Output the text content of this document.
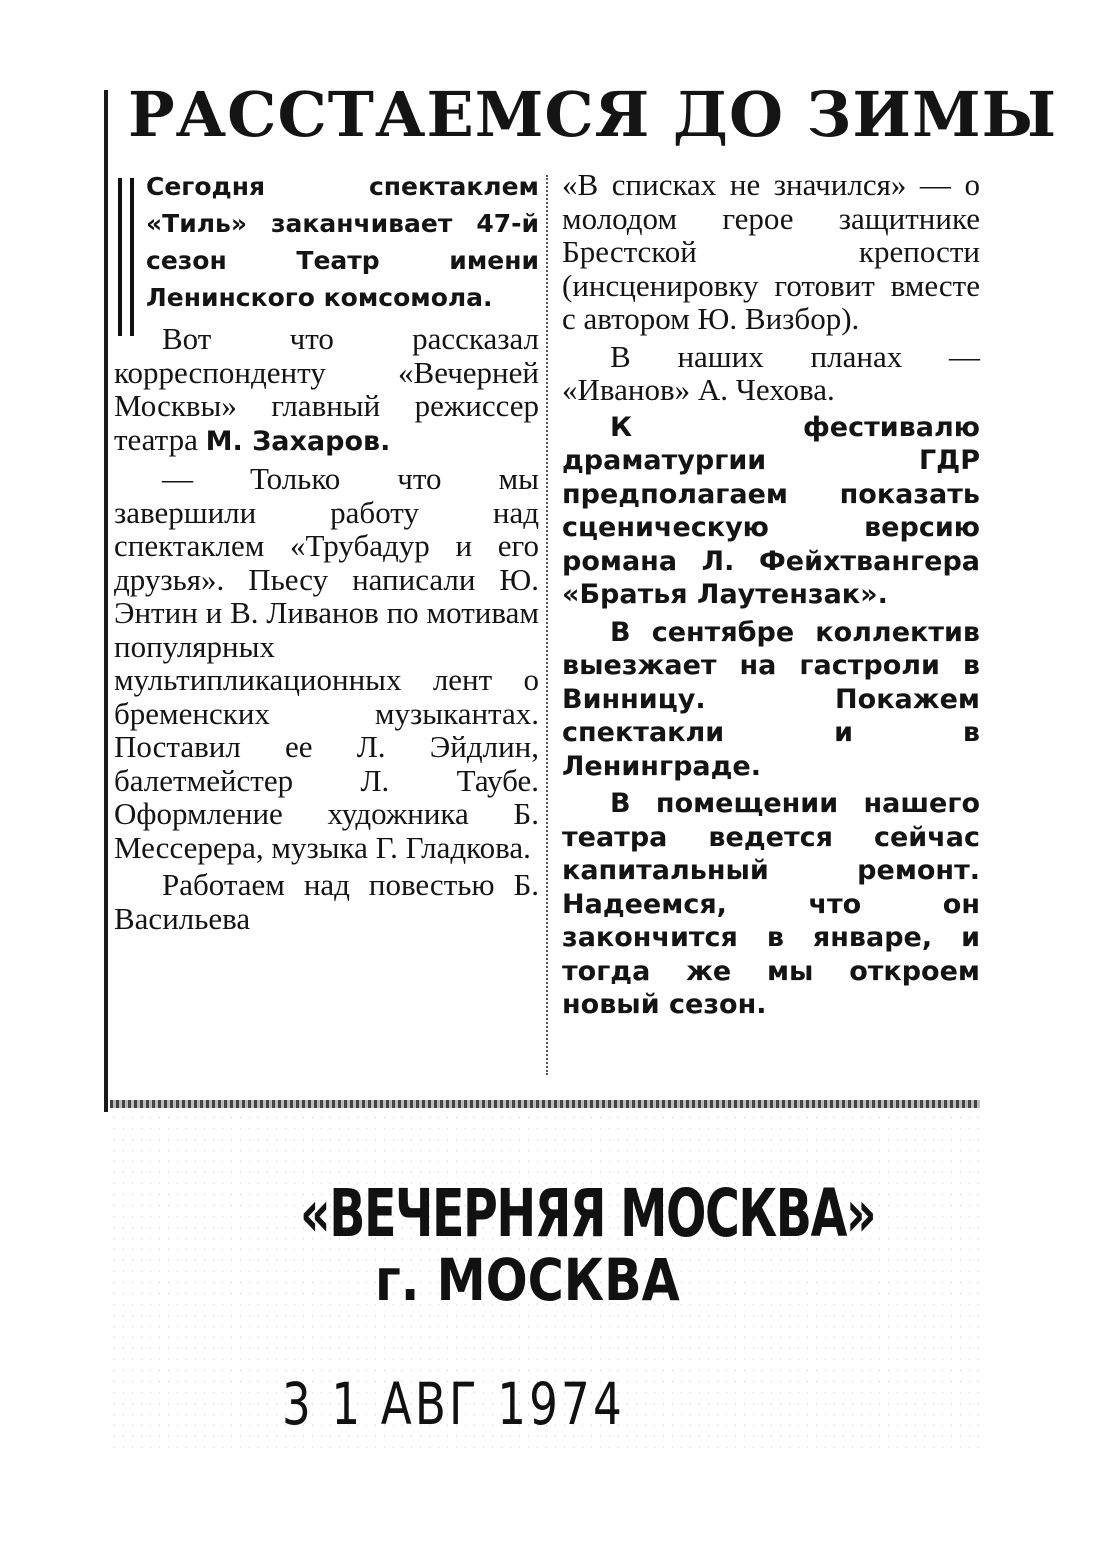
РАССТАЕМСЯ ДО ЗИМЫ
Сегодня спектаклем «Тиль» заканчивает 47-й сезон Театр имени Ленинского комсомола.

Вот что рассказал корреспонденту «Вечерней Москвы» главный режиссер театра М. Захаров.

— Только что мы завершили работу над спектаклем «Трубадур и его друзья». Пьесу написали Ю. Энтин и В. Ливанов по мотивам популярных мультипликационных лент о бременских музыкантах. Поставил ее Л. Эйдлин, балетмейстер Л. Таубе. Оформление художника Б. Мессерера, музыка Г. Гладкова.

Работаем над повестью Б. Васильева

«В списках не значился» — о молодом герое защитнике Брестской крепости (инсценировку готовит вместе с автором Ю. Визбор).

В наших планах — «Иванов» А. Чехова.

К фестивалю драматургии ГДР предполагаем показать сценическую версию романа Л. Фейхтвангера «Братья Лаутензак».

В сентябре коллектив выезжает на гастроли в Винницу. Покажем спектакли и в Ленинграде.

В помещении нашего театра ведется сейчас капитальный ремонт. Надеемся, что он закончится в январе, и тогда же мы откроем новый сезон.

«ВЕЧЕРНЯЯ МОСКВА»
г. МОСКВА
3 1 АВГ 1974
